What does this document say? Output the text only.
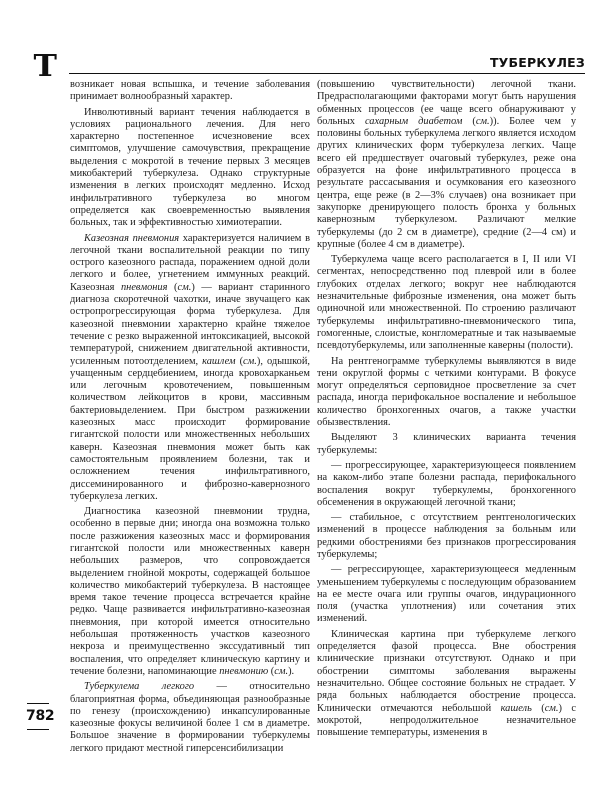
Т	ТУБЕРКУЛЕЗ

возникает новая вспышка, и течение заболевания принимает волнообразный характер.

Инволютивный вариант течения наблюдается в условиях рационального лечения. Для него характерно постепенное исчезновение всех симптомов, улучшение самочувствия, прекращение выделения с мокротой в течение первых 3 месяцев микобактерий туберкулеза. Однако структурные изменения в легких происходят медленно. Исход инфильтративного туберкулеза во многом определяется как своевременностью выявления больных, так и эффективностью химиотерапии.

Казеозная пневмония характеризуется наличием в легочной ткани воспалительной реакции по типу острого казеозного распада, поражением одной доли легкого и более, угнетением иммунных реакций. Казеозная пневмония (см.) — вариант старинного диагноза скоротечной чахотки, иначе звучащего как остропрогрессирующая форма туберкулеза. Для казеозной пневмонии характерно крайне тяжелое течение с резко выраженной интоксикацией, высокой температурой, снижением двигательной активности, усиленным потоотделением, кашлем (см.), одышкой, учащенным сердцебиением, иногда кровохарканьем или легочным кровотечением, повышенным количеством лейкоцитов в крови, массивным бактериовыделением. При быстром разжижении казеозных масс происходит формирование гигантской полости или множественных небольших каверн. Казеозная пневмония может быть как самостоятельным проявлением болезни, так и осложнением течения инфильтративного, диссеминированного и фиброзно-кавернозного туберкулеза легких.

Диагностика казеозной пневмонии трудна, особенно в первые дни; иногда она возможна только после разжижения казеозных масс и формирования гигантской полости или множественных каверн небольших размеров, что сопровождается выделением гнойной мокроты, содержащей большое количество микобактерий туберкулеза. В настоящее время такое течение процесса встречается крайне редко. Чаще развивается инфильтративно-казеозная пневмония, при которой имеется относительно небольшая протяженность участков казеозного некроза и преимущественно экссудативный тип воспаления, что определяет клиническую картину и течение болезни, напоминающие пневмонию (см.).

Туберкулема легкого — относительно благоприятная форма, объединяющая разнообразные по генезу (происхождению) инкапсулированные казеозные фокусы величиной более 1 см в диаметре. Большое значение в формировании туберкулемы легкого придают местной гиперсенсибилизации

(повышению чувствительности) легочной ткани. Предрасполагающими факторами могут быть нарушения обменных процессов (ее чаще всего обнаруживают у больных сахарным диабетом (см.)). Более чем у половины больных туберкулема легкого является исходом других клинических форм туберкулеза легких. Чаще всего ей предшествует очаговый туберкулез, реже она образуется на фоне инфильтративного процесса в результате рассасывания и осумкования его казеозного центра, еще реже (в 2—3% случаев) она возникает при закупорке дренирующего полость бронха у больных кавернозным туберкулезом. Различают мелкие туберкулемы (до 2 см в диаметре), средние (2—4 см) и крупные (более 4 см в диаметре).

Туберкулема чаще всего располагается в I, II или VI сегментах, непосредственно под плеврой или в более глубоких отделах легкого; вокруг нее наблюдаются незначительные фиброзные изменения, она может быть одиночной или множественной. По строению различают туберкулемы инфильтративно-пневмонического типа, гомогенные, слоистые, конгломератные и так называемые псевдотуберкулемы, или заполненные каверны (полости).

На рентгенограмме туберкулемы выявляются в виде тени округлой формы с четкими контурами. В фокусе могут определяться серповидное просветление за счет распада, иногда перифокальное воспаление и небольшое количество бронхогенных очагов, а также участки обызвествления.

Выделяют 3 клинических варианта течения туберкулемы:

— прогрессирующее, характеризующееся появлением на каком-либо этапе болезни распада, перифокального воспаления вокруг туберкулемы, бронхогенного обсеменения в окружающей легочной ткани;

— стабильное, с отсутствием рентгенологических изменений в процессе наблюдения за больным или редкими обострениями без признаков прогрессирования туберкулемы;

— регрессирующее, характеризующееся медленным уменьшением туберкулемы с последующим образованием на ее месте очага или группы очагов, индурационного поля (участка уплотнения) или сочетания этих изменений.

Клиническая картина при туберкулеме легкого определяется фазой процесса. Вне обострения клинические признаки отсутствуют. Однако и при обострении симптомы заболевания выражены незначительно. Общее состояние больных не страдает. У ряда больных наблюдается обострение процесса. Клинически отмечаются небольшой кашель (см.) с мокротой, непродолжительное незначительное повышение температуры, изменения в

782
